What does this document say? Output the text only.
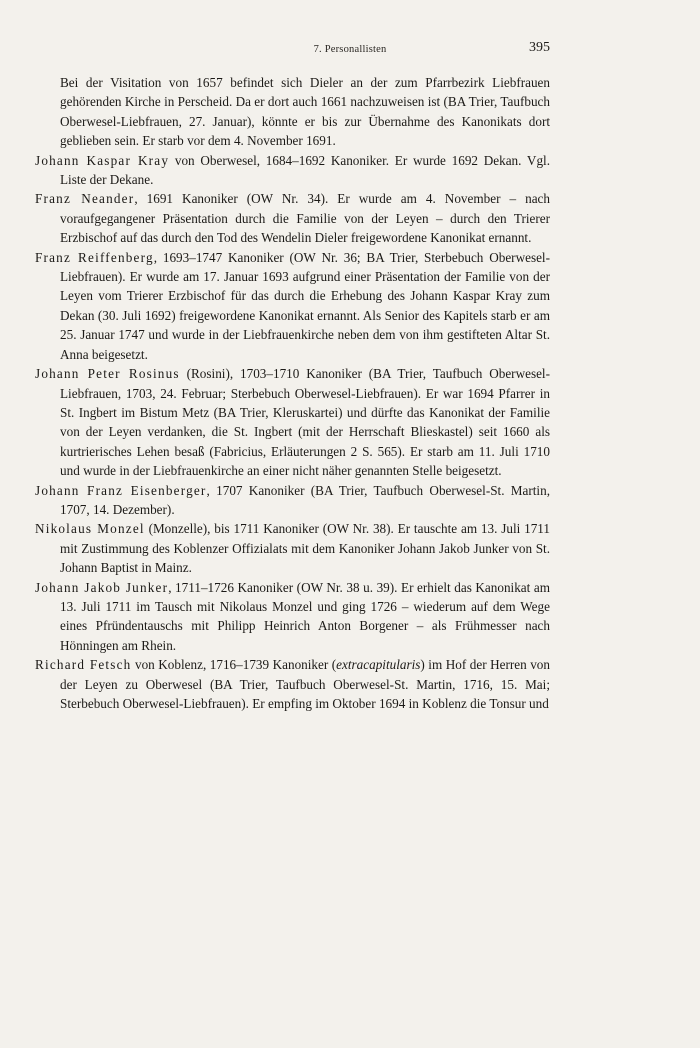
7. Personallisten	395

Bei der Visitation von 1657 befindet sich Dieler an der zum Pfarrbezirk Liebfrauen gehörenden Kirche in Perscheid. Da er dort auch 1661 nachzuweisen ist (BA Trier, Taufbuch Oberwesel-Liebfrauen, 27. Januar), könnte er bis zur Übernahme des Kanonikats dort geblieben sein. Er starb vor dem 4. November 1691.

Johann Kaspar Kray von Oberwesel, 1684–1692 Kanoniker. Er wurde 1692 Dekan. Vgl. Liste der Dekane.

Franz Neander, 1691 Kanoniker (OW Nr. 34). Er wurde am 4. November – nach voraufgegangener Präsentation durch die Familie von der Leyen – durch den Trierer Erzbischof auf das durch den Tod des Wendelin Dieler freigewordene Kanonikat ernannt.

Franz Reiffenberg, 1693–1747 Kanoniker (OW Nr. 36; BA Trier, Sterbebuch Oberwesel-Liebfrauen). Er wurde am 17. Januar 1693 aufgrund einer Präsentation der Familie von der Leyen vom Trierer Erzbischof für das durch die Erhebung des Johann Kaspar Kray zum Dekan (30. Juli 1692) freigewordene Kanonikat ernannt. Als Senior des Kapitels starb er am 25. Januar 1747 und wurde in der Liebfrauenkirche neben dem von ihm gestifteten Altar St. Anna beigesetzt.

Johann Peter Rosinus (Rosini), 1703–1710 Kanoniker (BA Trier, Taufbuch Oberwesel-Liebfrauen, 1703, 24. Februar; Sterbebuch Oberwesel-Liebfrauen). Er war 1694 Pfarrer in St. Ingbert im Bistum Metz (BA Trier, Kleruskartei) und dürfte das Kanonikat der Familie von der Leyen verdanken, die St. Ingbert (mit der Herrschaft Blieskastel) seit 1660 als kurtrierisches Lehen besaß (Fabricius, Erläuterungen 2 S. 565). Er starb am 11. Juli 1710 und wurde in der Liebfrauenkirche an einer nicht näher genannten Stelle beigesetzt.

Johann Franz Eisenberger, 1707 Kanoniker (BA Trier, Taufbuch Oberwesel-St. Martin, 1707, 14. Dezember).

Nikolaus Monzel (Monzelle), bis 1711 Kanoniker (OW Nr. 38). Er tauschte am 13. Juli 1711 mit Zustimmung des Koblenzer Offizialats mit dem Kanoniker Johann Jakob Junker von St. Johann Baptist in Mainz.

Johann Jakob Junker, 1711–1726 Kanoniker (OW Nr. 38 u. 39). Er erhielt das Kanonikat am 13. Juli 1711 im Tausch mit Nikolaus Monzel und ging 1726 – wiederum auf dem Wege eines Pfründentauschs mit Philipp Heinrich Anton Borgener – als Frühmesser nach Hönningen am Rhein.

Richard Fetsch von Koblenz, 1716–1739 Kanoniker (extracapitularis) im Hof der Herren von der Leyen zu Oberwesel (BA Trier, Taufbuch Oberwesel-St. Martin, 1716, 15. Mai; Sterbebuch Oberwesel-Liebfrauen). Er empfing im Oktober 1694 in Koblenz die Tonsur und
